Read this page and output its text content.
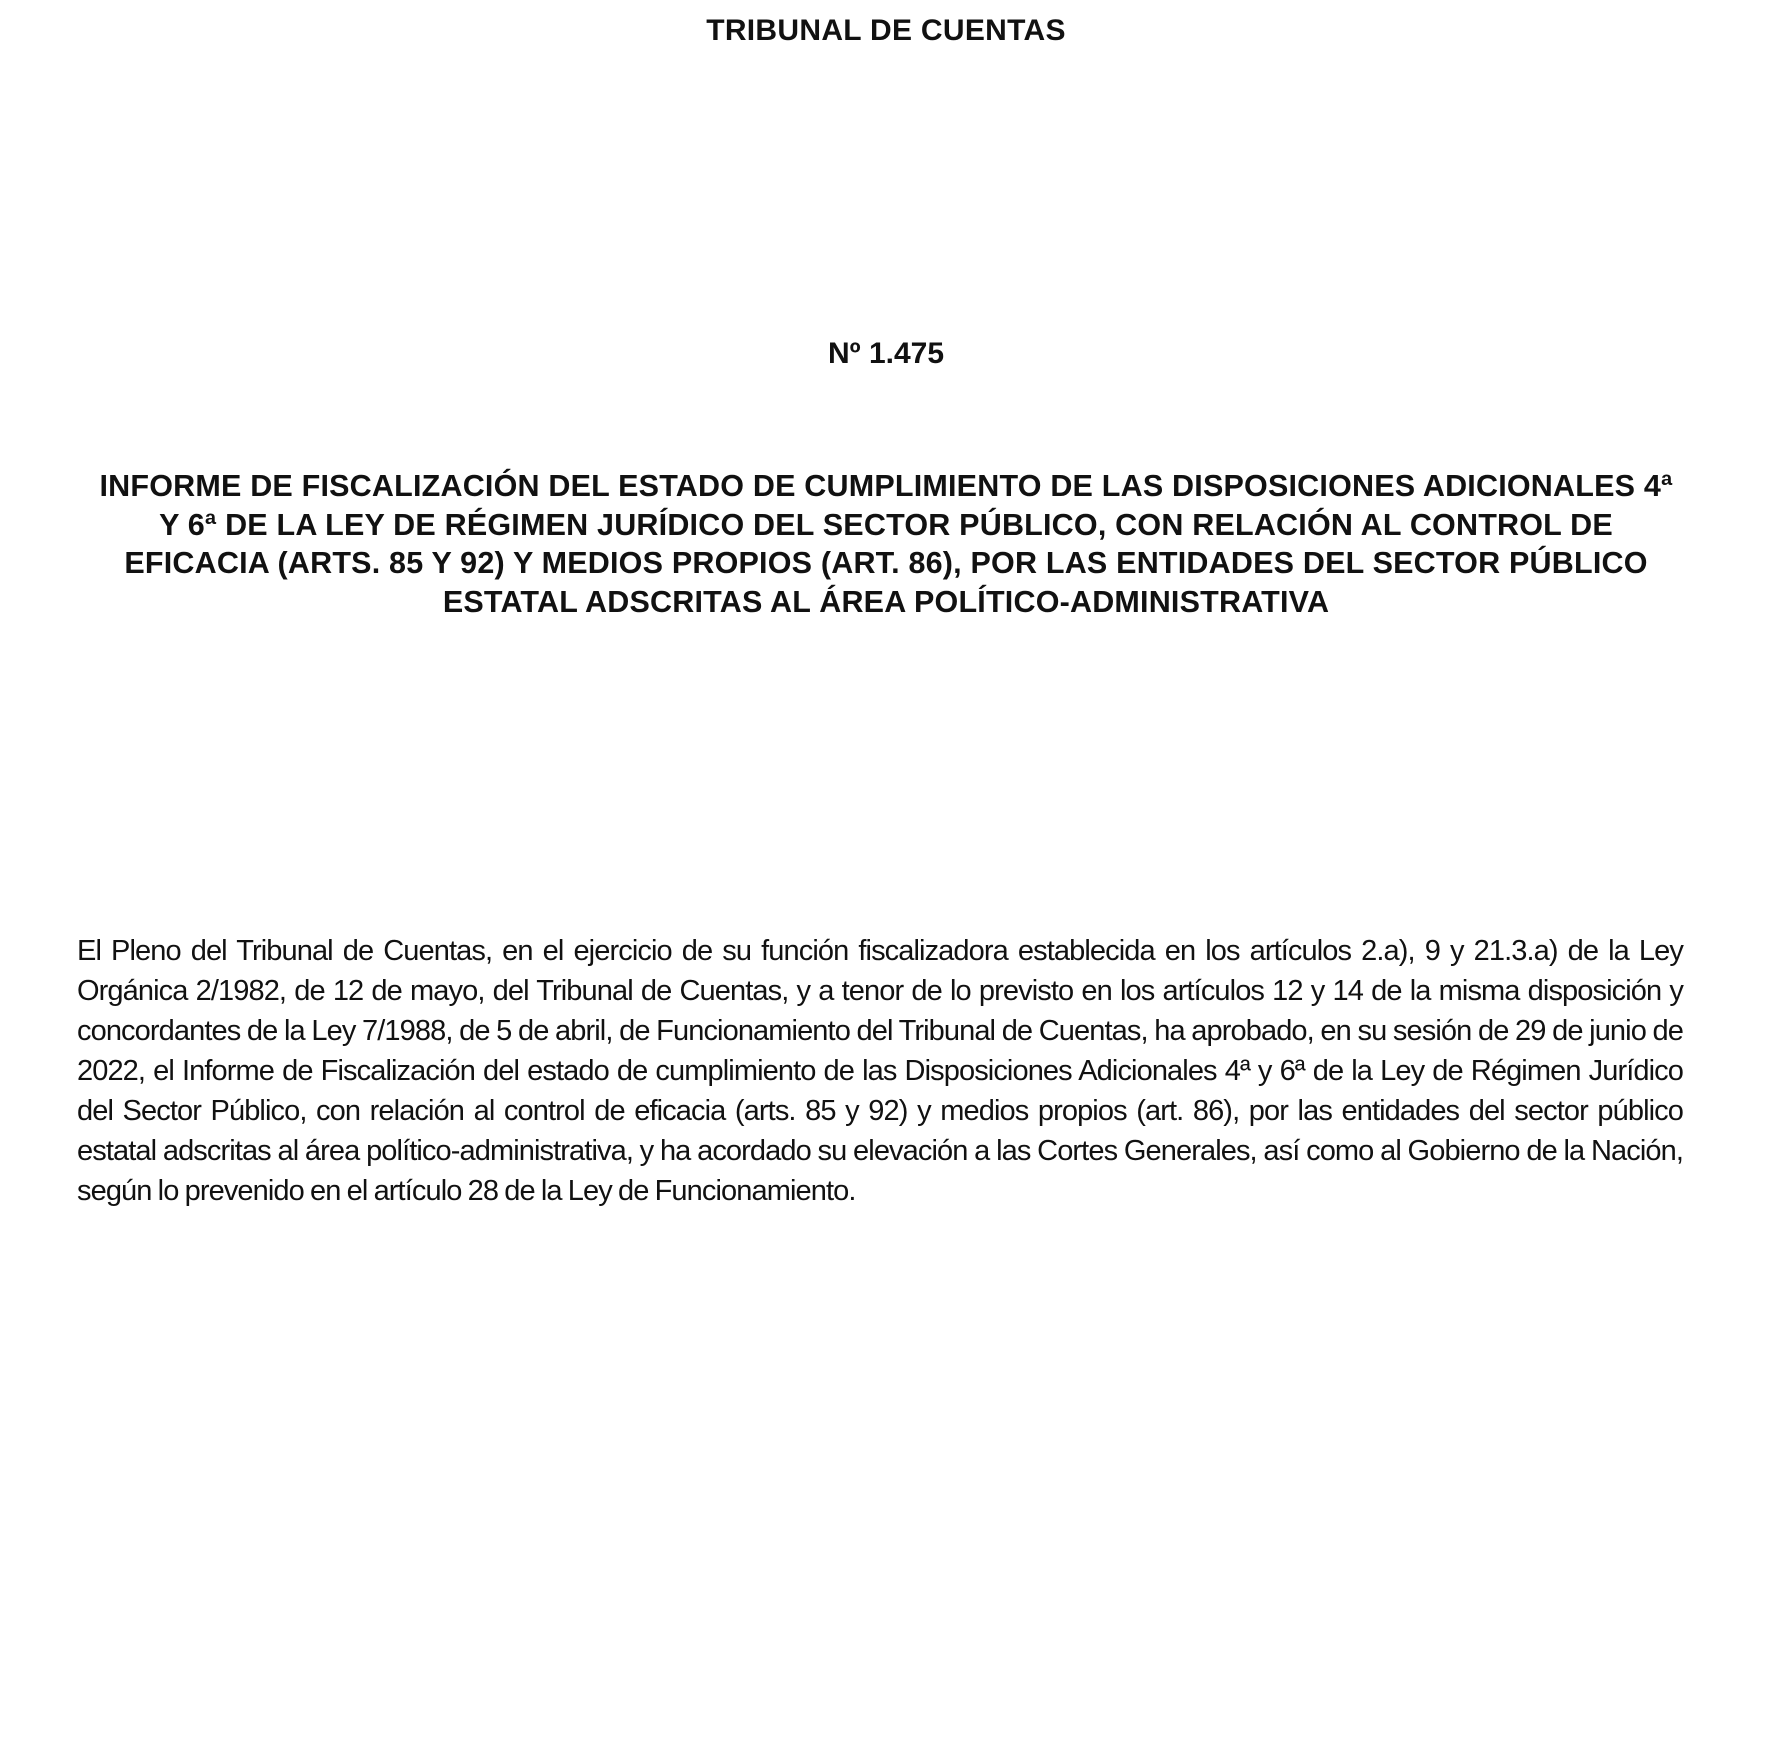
TRIBUNAL DE CUENTAS
Nº 1.475
INFORME DE FISCALIZACIÓN DEL ESTADO DE CUMPLIMIENTO DE LAS DISPOSICIONES ADICIONALES 4ª Y 6ª DE LA LEY DE RÉGIMEN JURÍDICO DEL SECTOR PÚBLICO, CON RELACIÓN AL CONTROL DE EFICACIA (ARTS. 85 Y 92) Y MEDIOS PROPIOS (ART. 86), POR LAS ENTIDADES DEL SECTOR PÚBLICO ESTATAL ADSCRITAS AL ÁREA POLÍTICO-ADMINISTRATIVA

El Pleno del Tribunal de Cuentas, en el ejercicio de su función fiscalizadora establecida en los artículos 2.a), 9 y 21.3.a) de la Ley Orgánica 2/1982, de 12 de mayo, del Tribunal de Cuentas, y a tenor de lo previsto en los artículos 12 y 14 de la misma disposición y concordantes de la Ley 7/1988, de 5 de abril, de Funcionamiento del Tribunal de Cuentas, ha aprobado, en su sesión de 29 de junio de 2022, el Informe de Fiscalización del estado de cumplimiento de las Disposiciones Adicionales 4ª y 6ª de la Ley de Régimen Jurídico del Sector Público, con relación al control de eficacia (arts. 85 y 92) y medios propios (art. 86), por las entidades del sector público estatal adscritas al área político-administrativa, y ha acordado su elevación a las Cortes Generales, así como al Gobierno de la Nación, según lo prevenido en el artículo 28 de la Ley de Funcionamiento.
